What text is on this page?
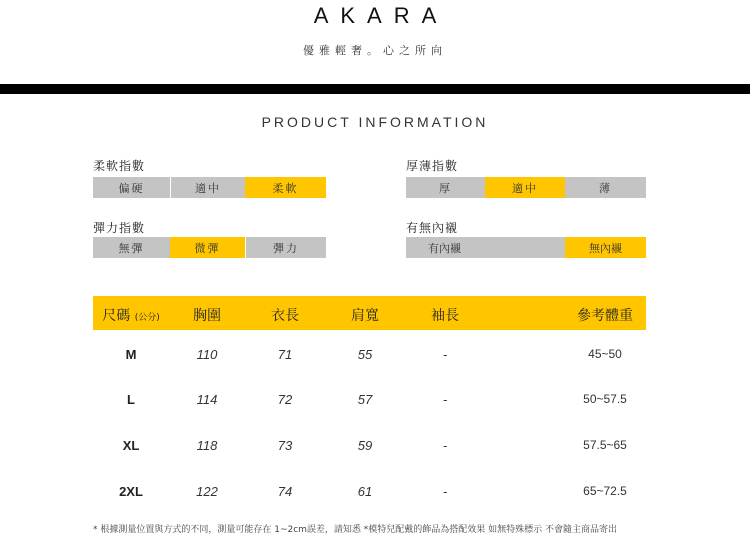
AKARA
優雅輕奢。心之所向
PRODUCT INFORMATION
柔軟指數
偏硬	適中	柔軟
厚薄指數
厚	適中	薄
彈力指數
無彈	微彈	彈力
有無內襯
有內襯	無內襯
尺碼 (公分) 胸圍	衣長	肩寬	袖長	參考體重
M	110	71	55	-	45~50
L	114	72	57	-	50~57.5
XL	118	73	59	-	57.5~65
2XL	122	74	61	-	65~72.5
* 根據測量位置與方式的不同，測量可能存在 1~2cm誤差，請知悉 *模特兒配戴的飾品為搭配效果 如無特殊標示 不會隨主商品寄出
